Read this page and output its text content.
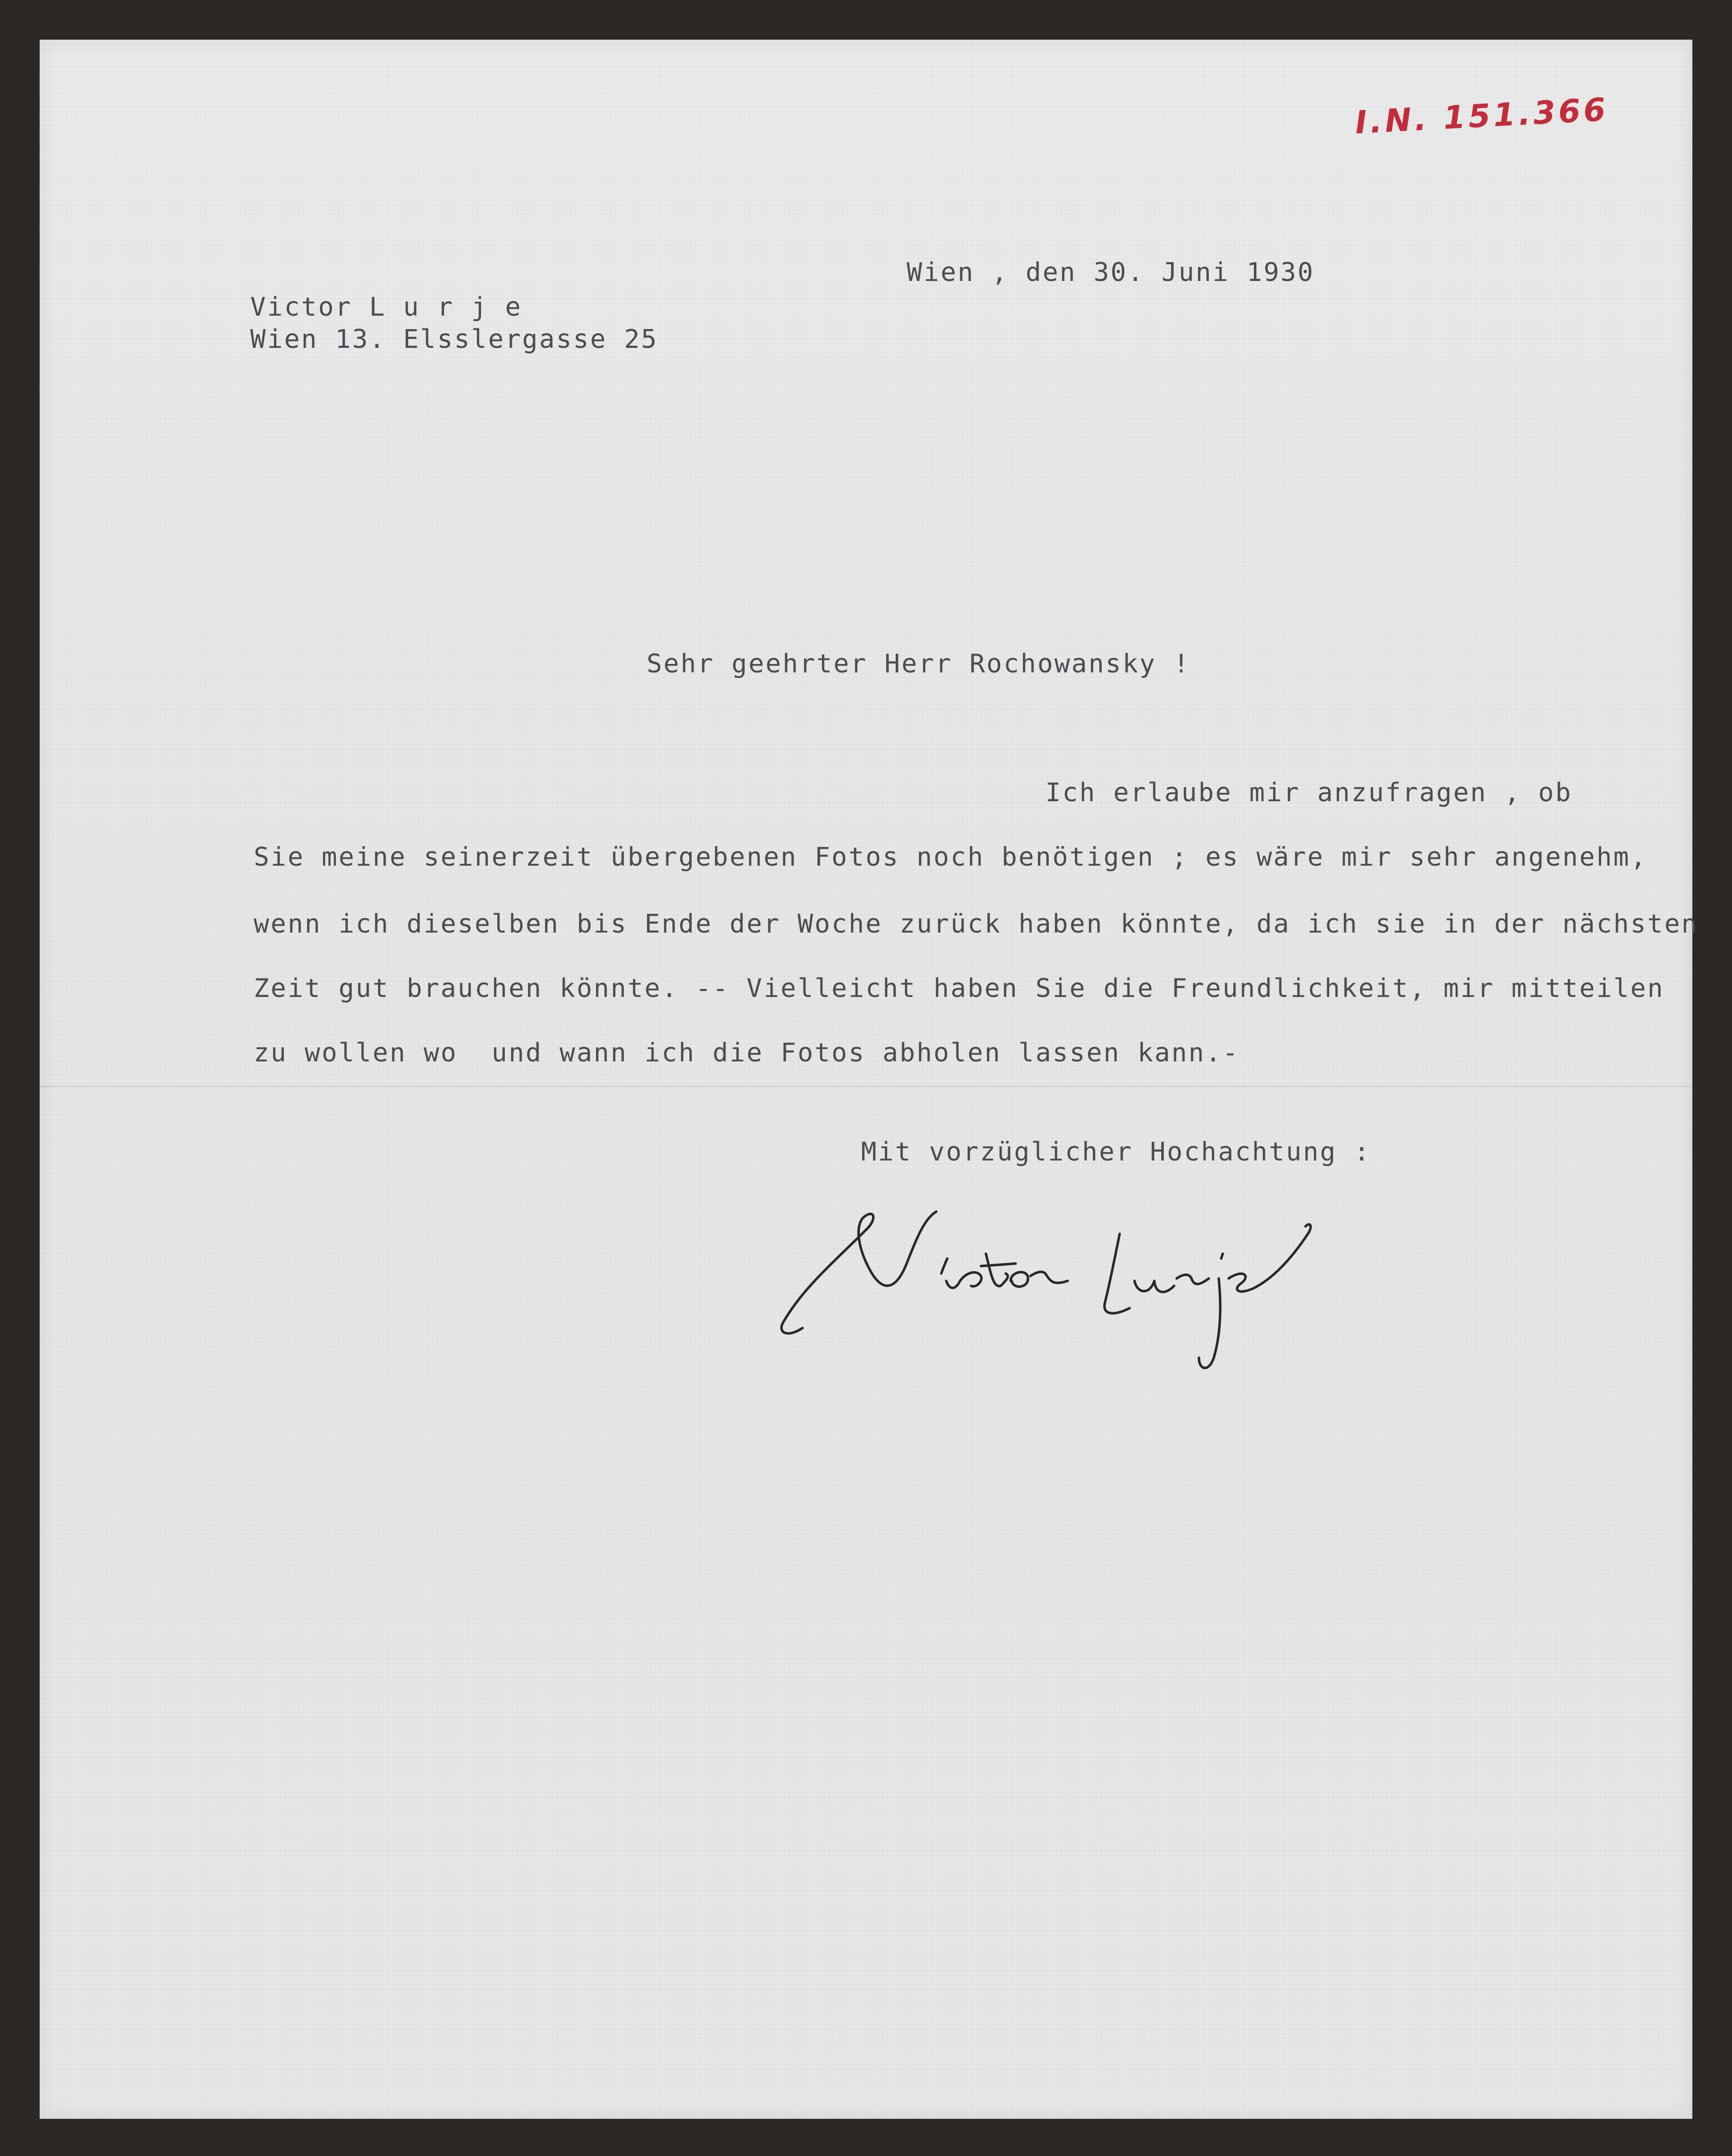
I.N. 151.366

Wien , den 30. Juni 1930

Victor L u r j e

Wien 13. Elsslergasse 25

Sehr geehrter Herr Rochowansky !

Ich erlaube mir anzufragen , ob

Sie meine seinerzeit übergebenen Fotos noch benötigen ; es wäre mir sehr angenehm,

wenn ich dieselben bis Ende der Woche zurück haben könnte, da ich sie in der nächsten

Zeit gut brauchen könnte. -- Vielleicht haben Sie die Freundlichkeit, mir mitteilen

zu wollen wo  und wann ich die Fotos abholen lassen kann.-

Mit vorzüglicher Hochachtung :
